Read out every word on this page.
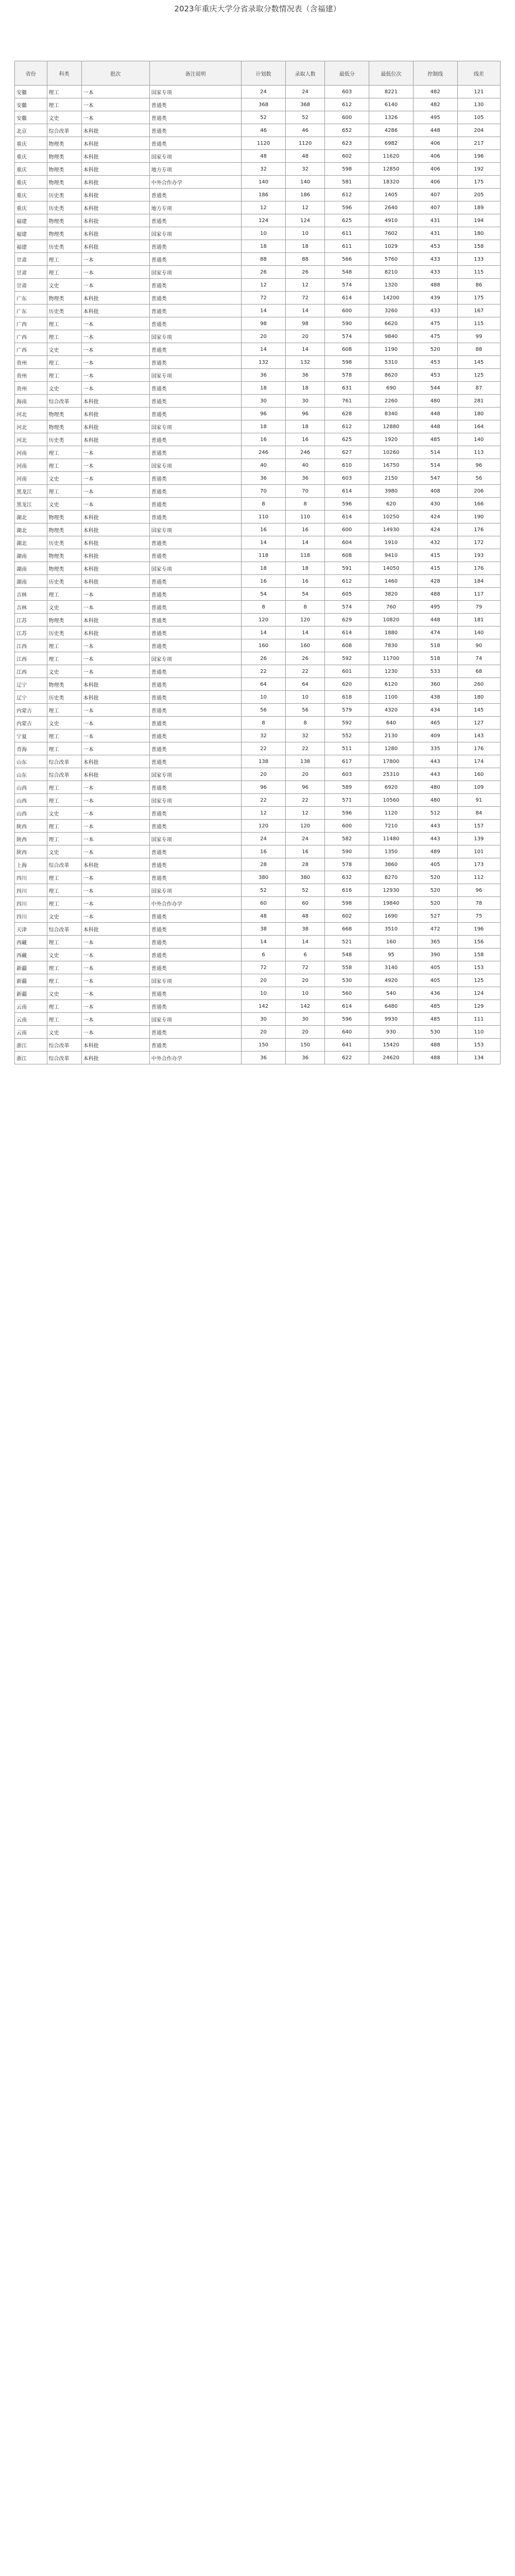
2023年重庆大学分省录取分数情况表（含福建）
省份	科类	批次	备注说明	计划数	录取人数	最低分	最低位次	控制线	线差
安徽	理工	一本	国家专项	24	24	603	8221	482	121
安徽	理工	一本	普通类	368	368	612	6140	482	130
安徽	文史	一本	普通类	52	52	600	1326	495	105
北京	综合改革	本科批	普通类	46	46	652	4286	448	204
重庆	物理类	本科批	普通类	1120	1120	623	6982	406	217
重庆	物理类	本科批	国家专项	48	48	602	11620	406	196
重庆	物理类	本科批	地方专项	32	32	598	12850	406	192
重庆	物理类	本科批	中外合作办学	140	140	581	18320	406	175
重庆	历史类	本科批	普通类	186	186	612	1405	407	205
重庆	历史类	本科批	地方专项	12	12	596	2640	407	189
福建	物理类	本科批	普通类	124	124	625	4910	431	194
福建	物理类	本科批	国家专项	10	10	611	7602	431	180
福建	历史类	本科批	普通类	18	18	611	1029	453	158
甘肃	理工	一本	普通类	88	88	566	5760	433	133
甘肃	理工	一本	国家专项	26	26	548	8210	433	115
甘肃	文史	一本	普通类	12	12	574	1320	488	86
广东	物理类	本科批	普通类	72	72	614	14200	439	175
广东	历史类	本科批	普通类	14	14	600	3260	433	167
广西	理工	一本	普通类	98	98	590	6620	475	115
广西	理工	一本	国家专项	20	20	574	9840	475	99
广西	文史	一本	普通类	14	14	608	1190	520	88
贵州	理工	一本	普通类	132	132	598	5310	453	145
贵州	理工	一本	国家专项	36	36	578	8620	453	125
贵州	文史	一本	普通类	18	18	631	690	544	87
海南	综合改革	本科批	普通类	30	30	761	2260	480	281
河北	物理类	本科批	普通类	96	96	628	8340	448	180
河北	物理类	本科批	国家专项	18	18	612	12880	448	164
河北	历史类	本科批	普通类	16	16	625	1920	485	140
河南	理工	一本	普通类	246	246	627	10260	514	113
河南	理工	一本	国家专项	40	40	610	16750	514	96
河南	文史	一本	普通类	36	36	603	2150	547	56
黑龙江	理工	一本	普通类	70	70	614	3980	408	206
黑龙江	文史	一本	普通类	8	8	596	620	430	166
湖北	物理类	本科批	普通类	110	110	614	10250	424	190
湖北	物理类	本科批	国家专项	16	16	600	14930	424	176
湖北	历史类	本科批	普通类	14	14	604	1910	432	172
湖南	物理类	本科批	普通类	118	118	608	9410	415	193
湖南	物理类	本科批	国家专项	18	18	591	14050	415	176
湖南	历史类	本科批	普通类	16	16	612	1460	428	184
吉林	理工	一本	普通类	54	54	605	3820	488	117
吉林	文史	一本	普通类	8	8	574	760	495	79
江苏	物理类	本科批	普通类	120	120	629	10820	448	181
江苏	历史类	本科批	普通类	14	14	614	1880	474	140
江西	理工	一本	普通类	160	160	608	7830	518	90
江西	理工	一本	国家专项	26	26	592	11700	518	74
江西	文史	一本	普通类	22	22	601	1230	533	68
辽宁	物理类	本科批	普通类	64	64	620	6120	360	260
辽宁	历史类	本科批	普通类	10	10	618	1100	438	180
内蒙古	理工	一本	普通类	56	56	579	4320	434	145
内蒙古	文史	一本	普通类	8	8	592	640	465	127
宁夏	理工	一本	普通类	32	32	552	2130	409	143
青海	理工	一本	普通类	22	22	511	1280	335	176
山东	综合改革	本科批	普通类	138	138	617	17800	443	174
山东	综合改革	本科批	国家专项	20	20	603	25310	443	160
山西	理工	一本	普通类	96	96	589	6920	480	109
山西	理工	一本	国家专项	22	22	571	10560	480	91
山西	文史	一本	普通类	12	12	596	1120	512	84
陕西	理工	一本	普通类	120	120	600	7210	443	157
陕西	理工	一本	国家专项	24	24	582	11480	443	139
陕西	文史	一本	普通类	16	16	590	1350	489	101
上海	综合改革	本科批	普通类	28	28	578	3860	405	173
四川	理工	一本	普通类	380	380	632	8270	520	112
四川	理工	一本	国家专项	52	52	616	12930	520	96
四川	理工	一本	中外合作办学	60	60	598	19840	520	78
四川	文史	一本	普通类	48	48	602	1690	527	75
天津	综合改革	本科批	普通类	38	38	668	3510	472	196
西藏	理工	一本	普通类	14	14	521	160	365	156
西藏	文史	一本	普通类	6	6	548	95	390	158
新疆	理工	一本	普通类	72	72	558	3140	405	153
新疆	理工	一本	国家专项	20	20	530	4920	405	125
新疆	文史	一本	普通类	10	10	560	540	436	124
云南	理工	一本	普通类	142	142	614	6480	485	129
云南	理工	一本	国家专项	30	30	596	9930	485	111
云南	文史	一本	普通类	20	20	640	930	530	110
浙江	综合改革	本科批	普通类	150	150	641	15420	488	153
浙江	综合改革	本科批	中外合作办学	36	36	622	24620	488	134
